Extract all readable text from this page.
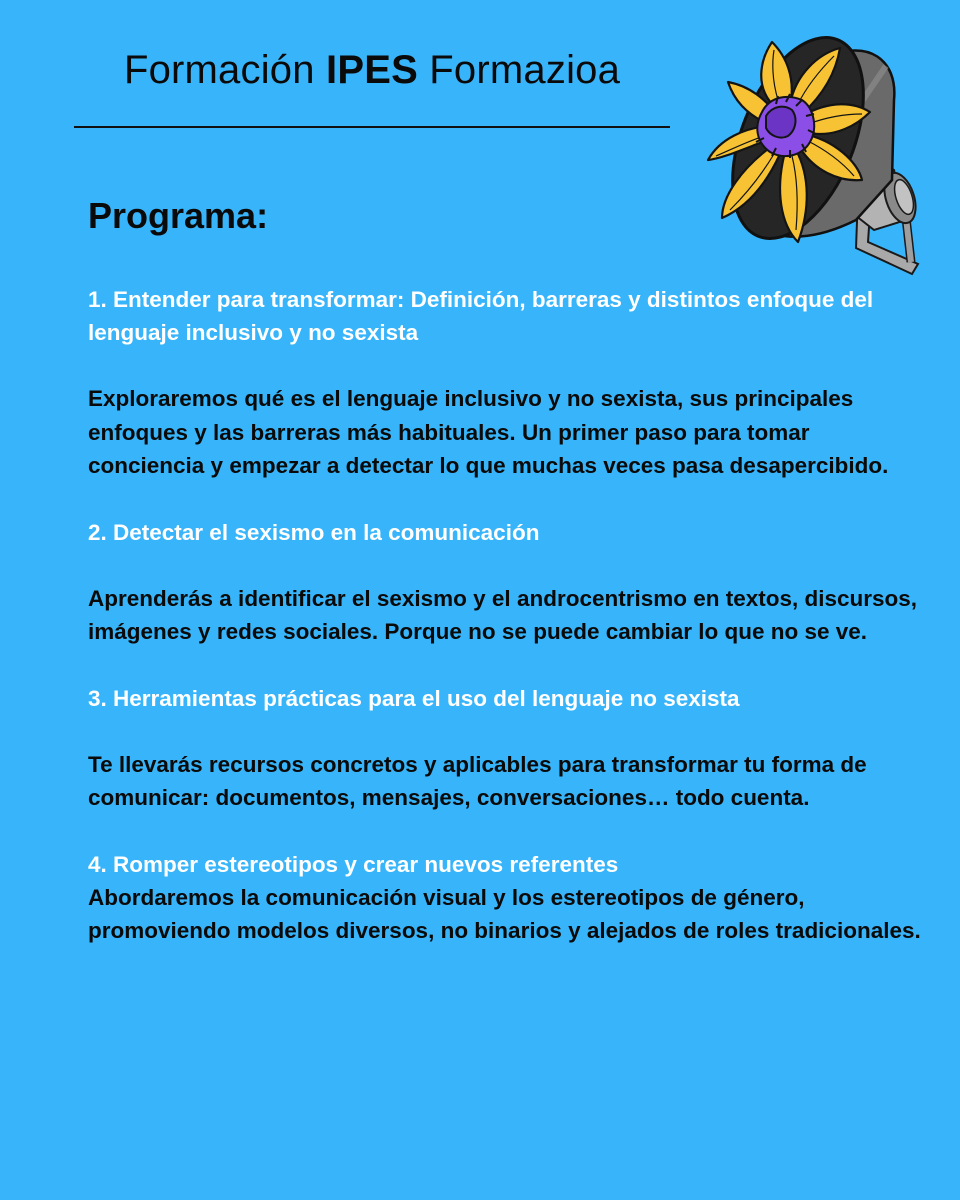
Formación IPES Formazioa
Programa:

1. Entender para transformar: Definición, barreras y distintos enfoque del lenguaje inclusivo y no sexista

Exploraremos qué es el lenguaje inclusivo y no sexista, sus principales enfoques y las barreras más habituales. Un primer paso para tomar conciencia y empezar a detectar lo que muchas veces pasa desapercibido.

2. Detectar el sexismo en la comunicación

Aprenderás a identificar el sexismo y el androcentrismo en textos, discursos, imágenes y redes sociales. Porque no se puede cambiar lo que no se ve.

3. Herramientas prácticas para el uso del lenguaje no sexista

Te llevarás recursos concretos y aplicables para transformar tu forma de comunicar: documentos, mensajes, conversaciones… todo cuenta.

4. Romper estereotipos y crear nuevos referentes

Abordaremos la comunicación visual y los estereotipos de género, promoviendo modelos diversos, no binarios y alejados de roles tradicionales.
